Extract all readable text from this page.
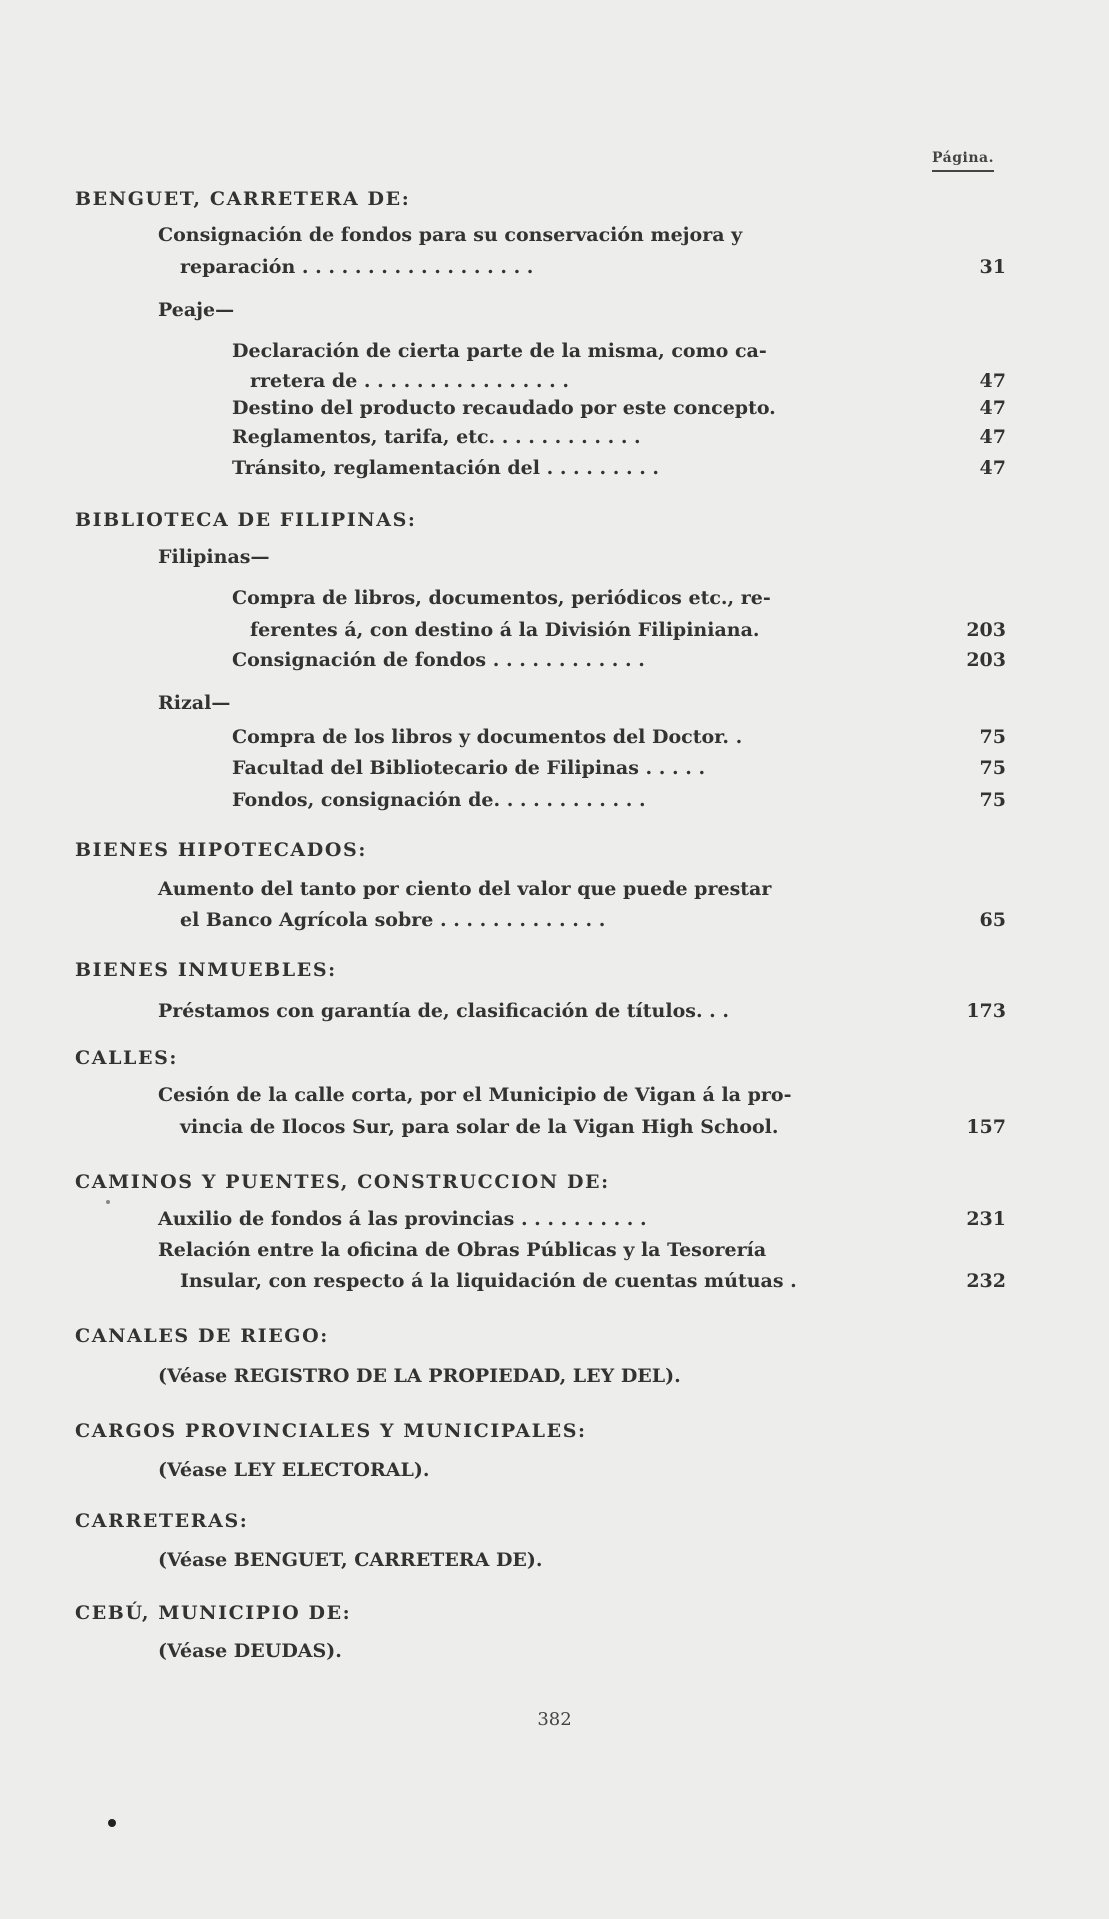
Página.
BENGUET, CARRETERA DE:
Consignación de fondos para su conservación mejora y
reparación . . . . . . . . . . . . . . . . . .	31
Peaje—
Declaración de cierta parte de la misma, como ca-
rretera de . . . . . . . . . . . . . . . .	47
Destino del producto recaudado por este concepto.	47
Reglamentos, tarifa, etc. . . . . . . . . . . .	47
Tránsito, reglamentación del . . . . . . . . .	47
BIBLIOTECA DE FILIPINAS:
Filipinas—
Compra de libros, documentos, periódicos etc., re-
ferentes á, con destino á la División Filipiniana.	203
Consignación de fondos . . . . . . . . . . . .	203
Rizal—
Compra de los libros y documentos del Doctor. .	75
Facultad del Bibliotecario de Filipinas . . . . .	75
Fondos, consignación de. . . . . . . . . . . .	75
BIENES HIPOTECADOS:
Aumento del tanto por ciento del valor que puede prestar
el Banco Agrícola sobre . . . . . . . . . . . . .	65
BIENES INMUEBLES:
Préstamos con garantía de, clasificación de títulos. . .	173
CALLES:
Cesión de la calle corta, por el Municipio de Vigan á la pro-
vincia de Ilocos Sur, para solar de la Vigan High School.	157
CAMINOS Y PUENTES, CONSTRUCCION DE:
Auxilio de fondos á las provincias . . . . . . . . . .	231
Relación entre la oficina de Obras Públicas y la Tesorería
Insular, con respecto á la liquidación de cuentas mútuas .	232
CANALES DE RIEGO:
(Véase REGISTRO DE LA PROPIEDAD, LEY DEL).
CARGOS PROVINCIALES Y MUNICIPALES:
(Véase LEY ELECTORAL).
CARRETERAS:
(Véase BENGUET, CARRETERA DE).
CEBÚ, MUNICIPIO DE:
(Véase DEUDAS).
382
